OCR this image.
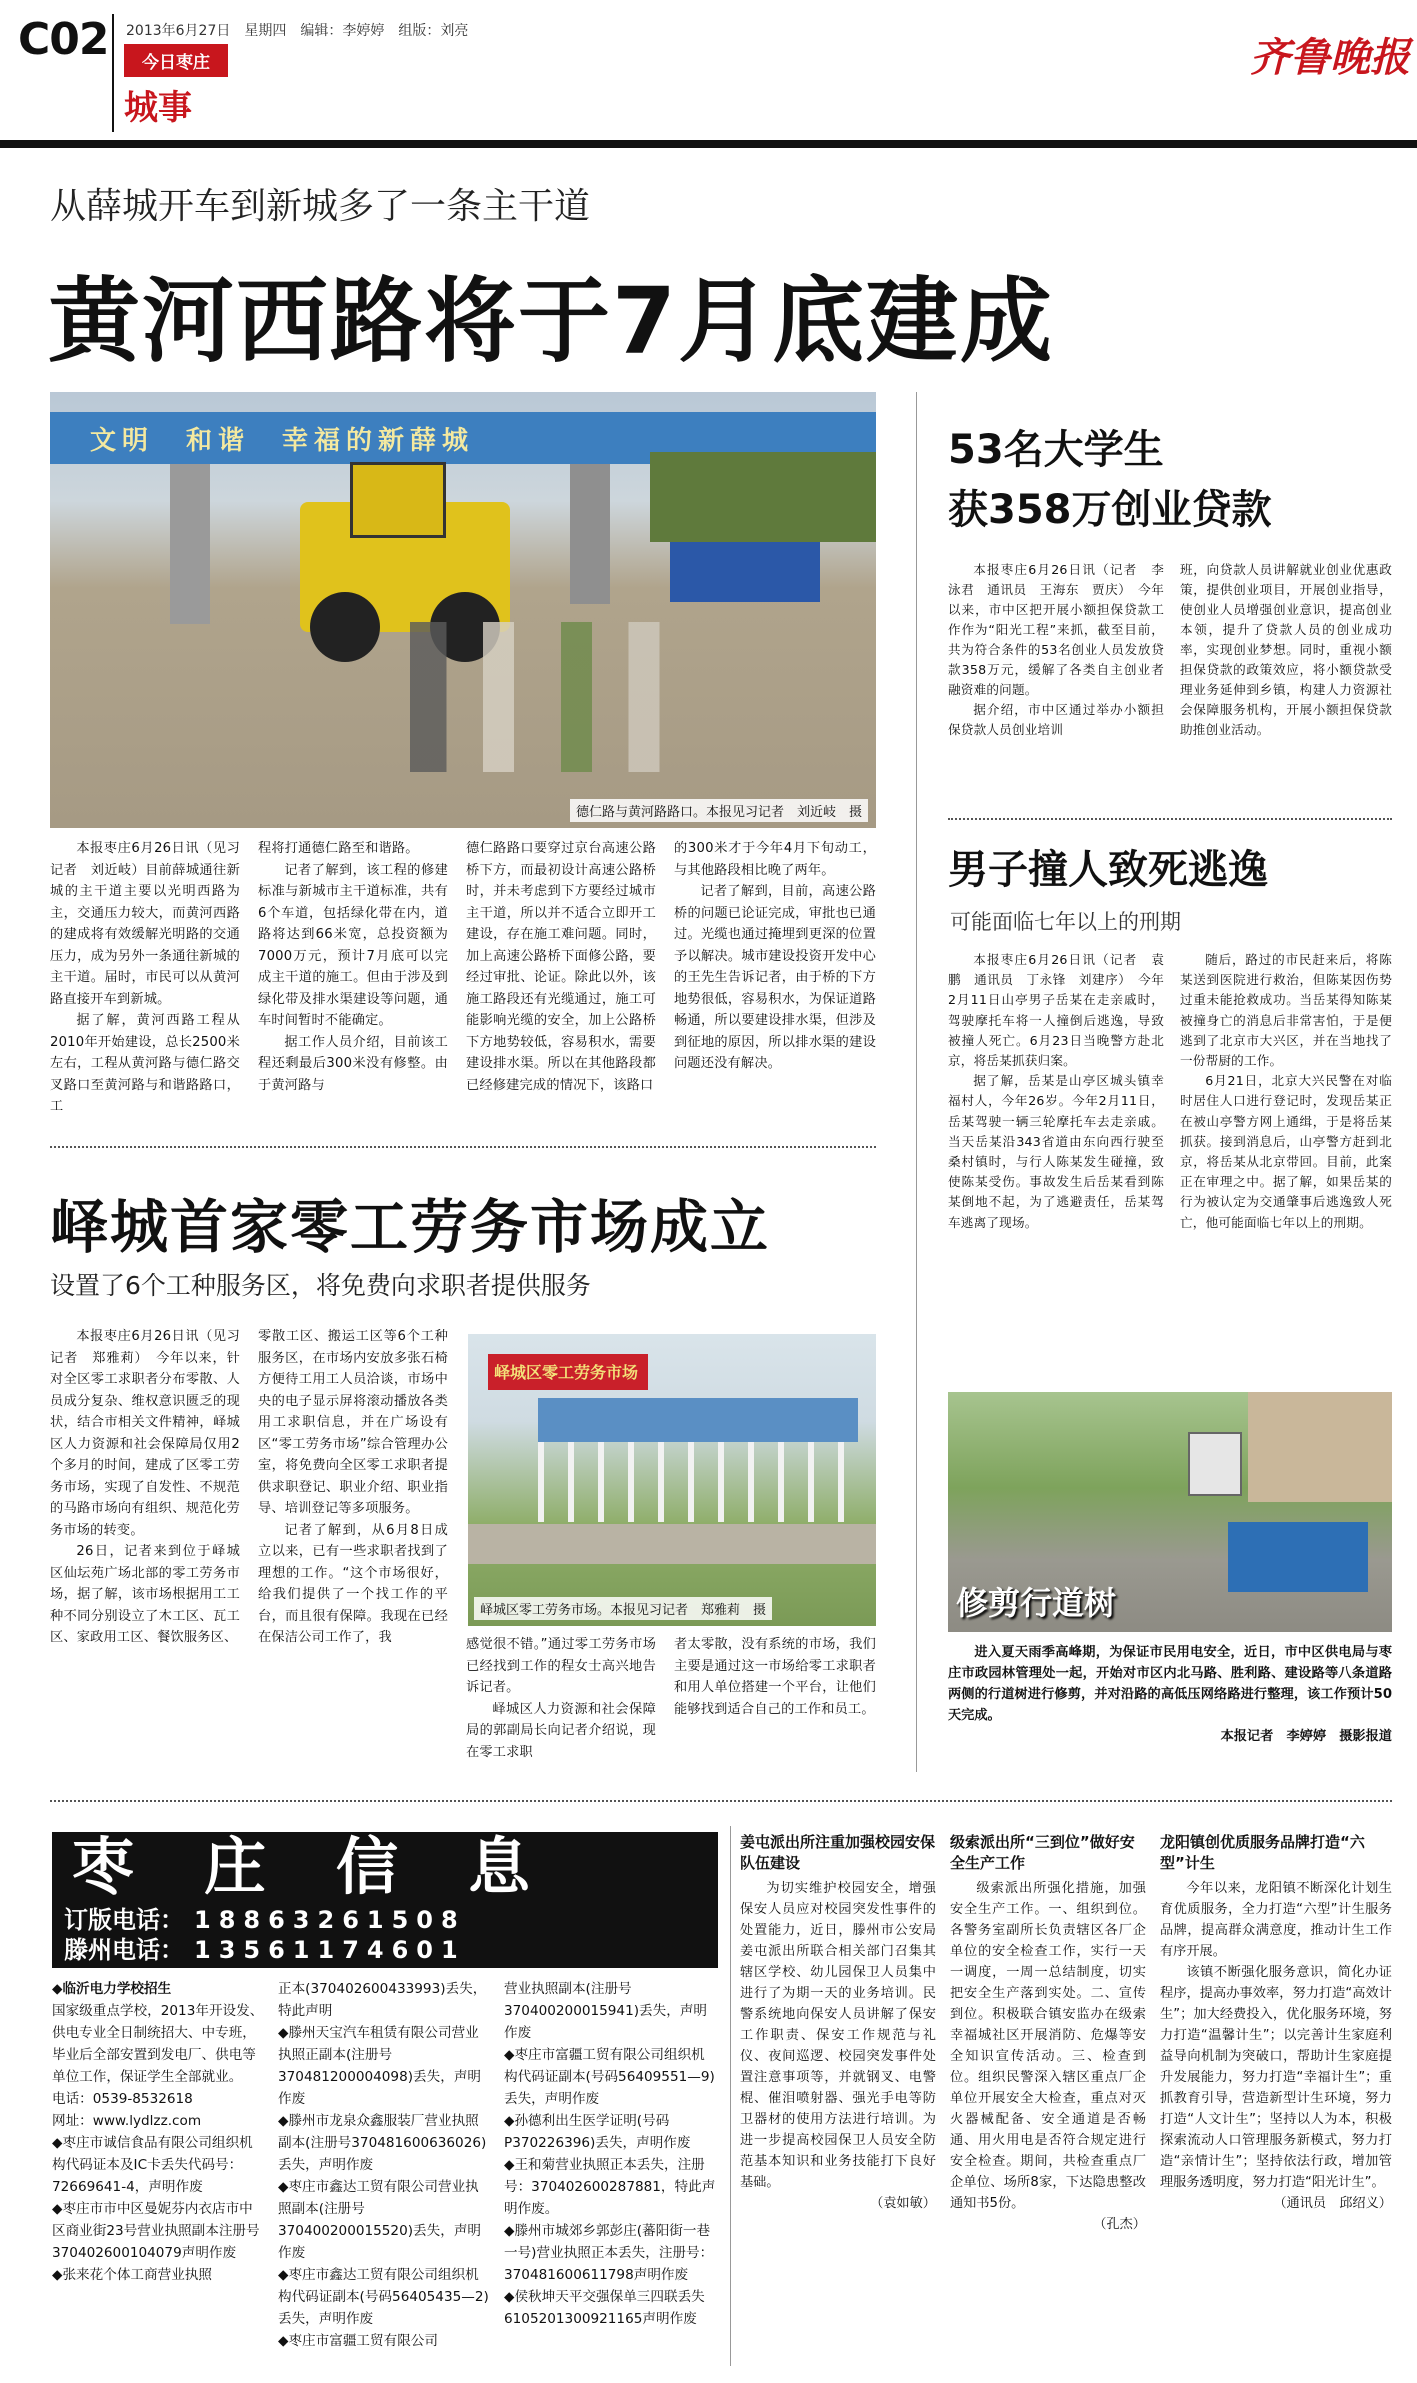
C02 2013年6月27日　星期四　编辑：李婷婷　组版：刘亮
今日枣庄
城事
齐鲁晚报
从薛城开车到新城多了一条主干道
黄河西路将于7月底建成
文明　和谐　幸福的新薛城
德仁路与黄河路路口。本报见习记者　刘近岐　摄

本报枣庄6月26日讯（见习记者　刘近岐）目前薛城通往新城的主干道主要以光明西路为主，交通压力较大，而黄河西路的建成将有效缓解光明路的交通压力，成为另外一条通往新城的主干道。届时，市民可以从黄河路直接开车到新城。

据了解，黄河西路工程从2010年开始建设，总长2500米左右，工程从黄河路与德仁路交叉路口至黄河路与和谐路路口，工

程将打通德仁路至和谐路。

记者了解到，该工程的修建标准与新城市主干道标准，共有6个车道，包括绿化带在内，道路将达到66米宽，总投资额为7000万元，预计7月底可以完成主干道的施工。但由于涉及到绿化带及排水渠建设等问题，通车时间暂时不能确定。

据工作人员介绍，目前该工程还剩最后300米没有修整。由于黄河路与

德仁路路口要穿过京台高速公路桥下方，而最初设计高速公路桥时，并未考虑到下方要经过城市主干道，所以并不适合立即开工建设，存在施工难问题。同时，加上高速公路桥下面修公路，要经过审批、论证。除此以外，该施工路段还有光缆通过，施工可能影响光缆的安全，加上公路桥下方地势较低，容易积水，需要建设排水渠。所以在其他路段都已经修建完成的情况下，该路口

的300米才于今年4月下旬动工，与其他路段相比晚了两年。

记者了解到，目前，高速公路桥的问题已论证完成，审批也已通过。光缆也通过掩埋到更深的位置予以解决。城市建设投资开发中心的王先生告诉记者，由于桥的下方地势很低，容易积水，为保证道路畅通，所以要建设排水渠，但涉及到征地的原因，所以排水渠的建设问题还没有解决。

53名大学生
获358万创业贷款

本报枣庄6月26日讯（记者　李泳君　通讯员　王海东　贾庆）　今年以来，市中区把开展小额担保贷款工作作为“阳光工程”来抓，截至目前，共为符合条件的53名创业人员发放贷款358万元，缓解了各类自主创业者融资难的问题。

据介绍，市中区通过举办小额担保贷款人员创业培训

班，向贷款人员讲解就业创业优惠政策，提供创业项目，开展创业指导，使创业人员增强创业意识，提高创业本领，提升了贷款人员的创业成功率，实现创业梦想。同时，重视小额担保贷款的政策效应，将小额贷款受理业务延伸到乡镇，构建人力资源社会保障服务机构，开展小额担保贷款助推创业活动。

男子撞人致死逃逸
可能面临七年以上的刑期

本报枣庄6月26日讯（记者　袁鹏　通讯员　丁永锋　刘建序）　今年2月11日山亭男子岳某在走亲戚时，驾驶摩托车将一人撞倒后逃逸，导致被撞人死亡。6月23日当晚警方赴北京，将岳某抓获归案。

据了解，岳某是山亭区城头镇幸福村人，今年26岁。今年2月11日，岳某驾驶一辆三轮摩托车去走亲戚。当天岳某沿343省道由东向西行驶至桑村镇时，与行人陈某发生碰撞，致使陈某受伤。事故发生后岳某看到陈某倒地不起，为了逃避责任，岳某驾车逃离了现场。

随后，路过的市民赶来后，将陈某送到医院进行救治，但陈某因伤势过重未能抢救成功。当岳某得知陈某被撞身亡的消息后非常害怕，于是便逃到了北京市大兴区，并在当地找了一份帮厨的工作。

6月21日，北京大兴民警在对临时居住人口进行登记时，发现岳某正在被山亭警方网上通缉，于是将岳某抓获。接到消息后，山亭警方赶到北京，将岳某从北京带回。目前，此案正在审理之中。据了解，如果岳某的行为被认定为交通肇事后逃逸致人死亡，他可能面临七年以上的刑期。

修剪行道树
进入夏天雨季高峰期，为保证市民用电安全，近日，市中区供电局与枣庄市政园林管理处一起，开始对市区内北马路、胜利路、建设路等八条道路两侧的行道树进行修剪，并对沿路的高低压网络路进行整理，该工作预计50天完成。
本报记者　李婷婷　摄影报道
峄城首家零工劳务市场成立
设置了6个工种服务区，将免费向求职者提供服务

本报枣庄6月26日讯（见习记者　郑雅莉）　今年以来，针对全区零工求职者分布零散、人员成分复杂、维权意识匮乏的现状，结合市相关文件精神，峄城区人力资源和社会保障局仅用2个多月的时间，建成了区零工劳务市场，实现了自发性、不规范的马路市场向有组织、规范化劳务市场的转变。

26日，记者来到位于峄城区仙坛苑广场北部的零工劳务市场，据了解，该市场根据用工工种不同分别设立了木工区、瓦工区、家政用工区、餐饮服务区、

零散工区、搬运工区等6个工种服务区，在市场内安放多张石椅方便待工用工人员洽谈，市场中央的电子显示屏将滚动播放各类用工求职信息，并在广场设有区“零工劳务市场”综合管理办公室，将免费向全区零工求职者提供求职登记、职业介绍、职业指导、培训登记等多项服务。

记者了解到，从6月8日成立以来，已有一些求职者找到了理想的工作。“这个市场很好，给我们提供了一个找工作的平台，而且很有保障。我现在已经在保洁公司工作了，我

峄城区零工劳务市场
峄城区零工劳务市场。本报见习记者　郑雅莉　摄

感觉很不错。”通过零工劳务市场已经找到工作的程女士高兴地告诉记者。

峄城区人力资源和社会保障局的郭副局长向记者介绍说，现在零工求职

者太零散，没有系统的市场，我们主要是通过这一市场给零工求职者和用人单位搭建一个平台，让他们能够找到适合自己的工作和员工。

枣庄信息
订版电话： 18863261508
滕州电话： 13561174601
◆临沂电力学校招生
国家级重点学校，2013年开设发、供电专业全日制统招大、中专班，毕业后全部安置到发电厂、供电等单位工作，保证学生全部就业。
电话：0539-8532618
网址：www.lydlzz.com
◆枣庄市诚信食品有限公司组织机构代码证本及IC卡丢失代码号：72669641-4，声明作废
◆枣庄市市中区曼妮芬内衣店市中区商业街23号营业执照副本注册号370402600104079声明作废
◆张来花个体工商营业执照
正本(370402600433993)丢失，特此声明
◆滕州天宝汽车租赁有限公司营业执照正副本(注册号370481200004098)丢失，声明作废
◆滕州市龙泉众鑫服装厂营业执照副本(注册号370481600636026)丢失，声明作废
◆枣庄市鑫达工贸有限公司营业执照副本(注册号370400200015520)丢失，声明作废
◆枣庄市鑫达工贸有限公司组织机构代码证副本(号码56405435—2)丢失，声明作废
◆枣庄市富疆工贸有限公司
营业执照副本(注册号370400200015941)丢失，声明作废
◆枣庄市富疆工贸有限公司组织机构代码证副本(号码56409551—9)丢失，声明作废
◆孙德利出生医学证明(号码P370226396)丢失，声明作废
◆王和菊营业执照正本丢失，注册号：370402600287881，特此声明作废。
◆滕州市城郊乡郭彭庄(蕃阳街一巷一号)营业执照正本丢失，注册号：370481600611798声明作废
◆侯秋坤天平交强保单三四联丢失6105201300921165声明作废
姜屯派出所注重加强校园安保队伍建设
为切实维护校园安全，增强保安人员应对校园突发性事件的处置能力，近日，滕州市公安局姜屯派出所联合相关部门召集其辖区学校、幼儿园保卫人员集中进行了为期一天的业务培训。民警系统地向保安人员讲解了保安工作职责、保安工作规范与礼仪、夜间巡逻、校园突发事件处置注意事项等，并就钢叉、电警棍、催泪喷射器、强光手电等防卫器材的使用方法进行培训。为进一步提高校园保卫人员安全防范基本知识和业务技能打下良好基础。
（袁如敏）
级索派出所“三到位”做好安全生产工作
级索派出所强化措施，加强安全生产工作。一、组织到位。各警务室副所长负责辖区各厂企单位的安全检查工作，实行一天一调度，一周一总结制度，切实把安全生产落到实处。二、宣传到位。积极联合镇安监办在级索幸福城社区开展消防、危爆等安全知识宣传活动。三、检查到位。组织民警深入辖区重点厂企单位开展安全大检查，重点对灭火器械配备、安全通道是否畅通、用火用电是否符合规定进行安全检查。期间，共检查重点厂企单位、场所8家，下达隐患整改通知书5份。
（孔杰）
龙阳镇创优质服务品牌打造“六型”计生
今年以来，龙阳镇不断深化计划生育优质服务，全力打造“六型”计生服务品牌，提高群众满意度，推动计生工作有序开展。
该镇不断强化服务意识，简化办证程序，提高办事效率，努力打造“高效计生”；加大经费投入，优化服务环境，努力打造“温馨计生”；以完善计生家庭利益导向机制为突破口，帮助计生家庭提升发展能力，努力打造“幸福计生”；重抓教育引导，营造新型计生环境，努力打造“人文计生”；坚持以人为本，积极探索流动人口管理服务新模式，努力打造“亲情计生”；坚持依法行政，增加管理服务透明度，努力打造“阳光计生”。
（通讯员　邱绍义）
